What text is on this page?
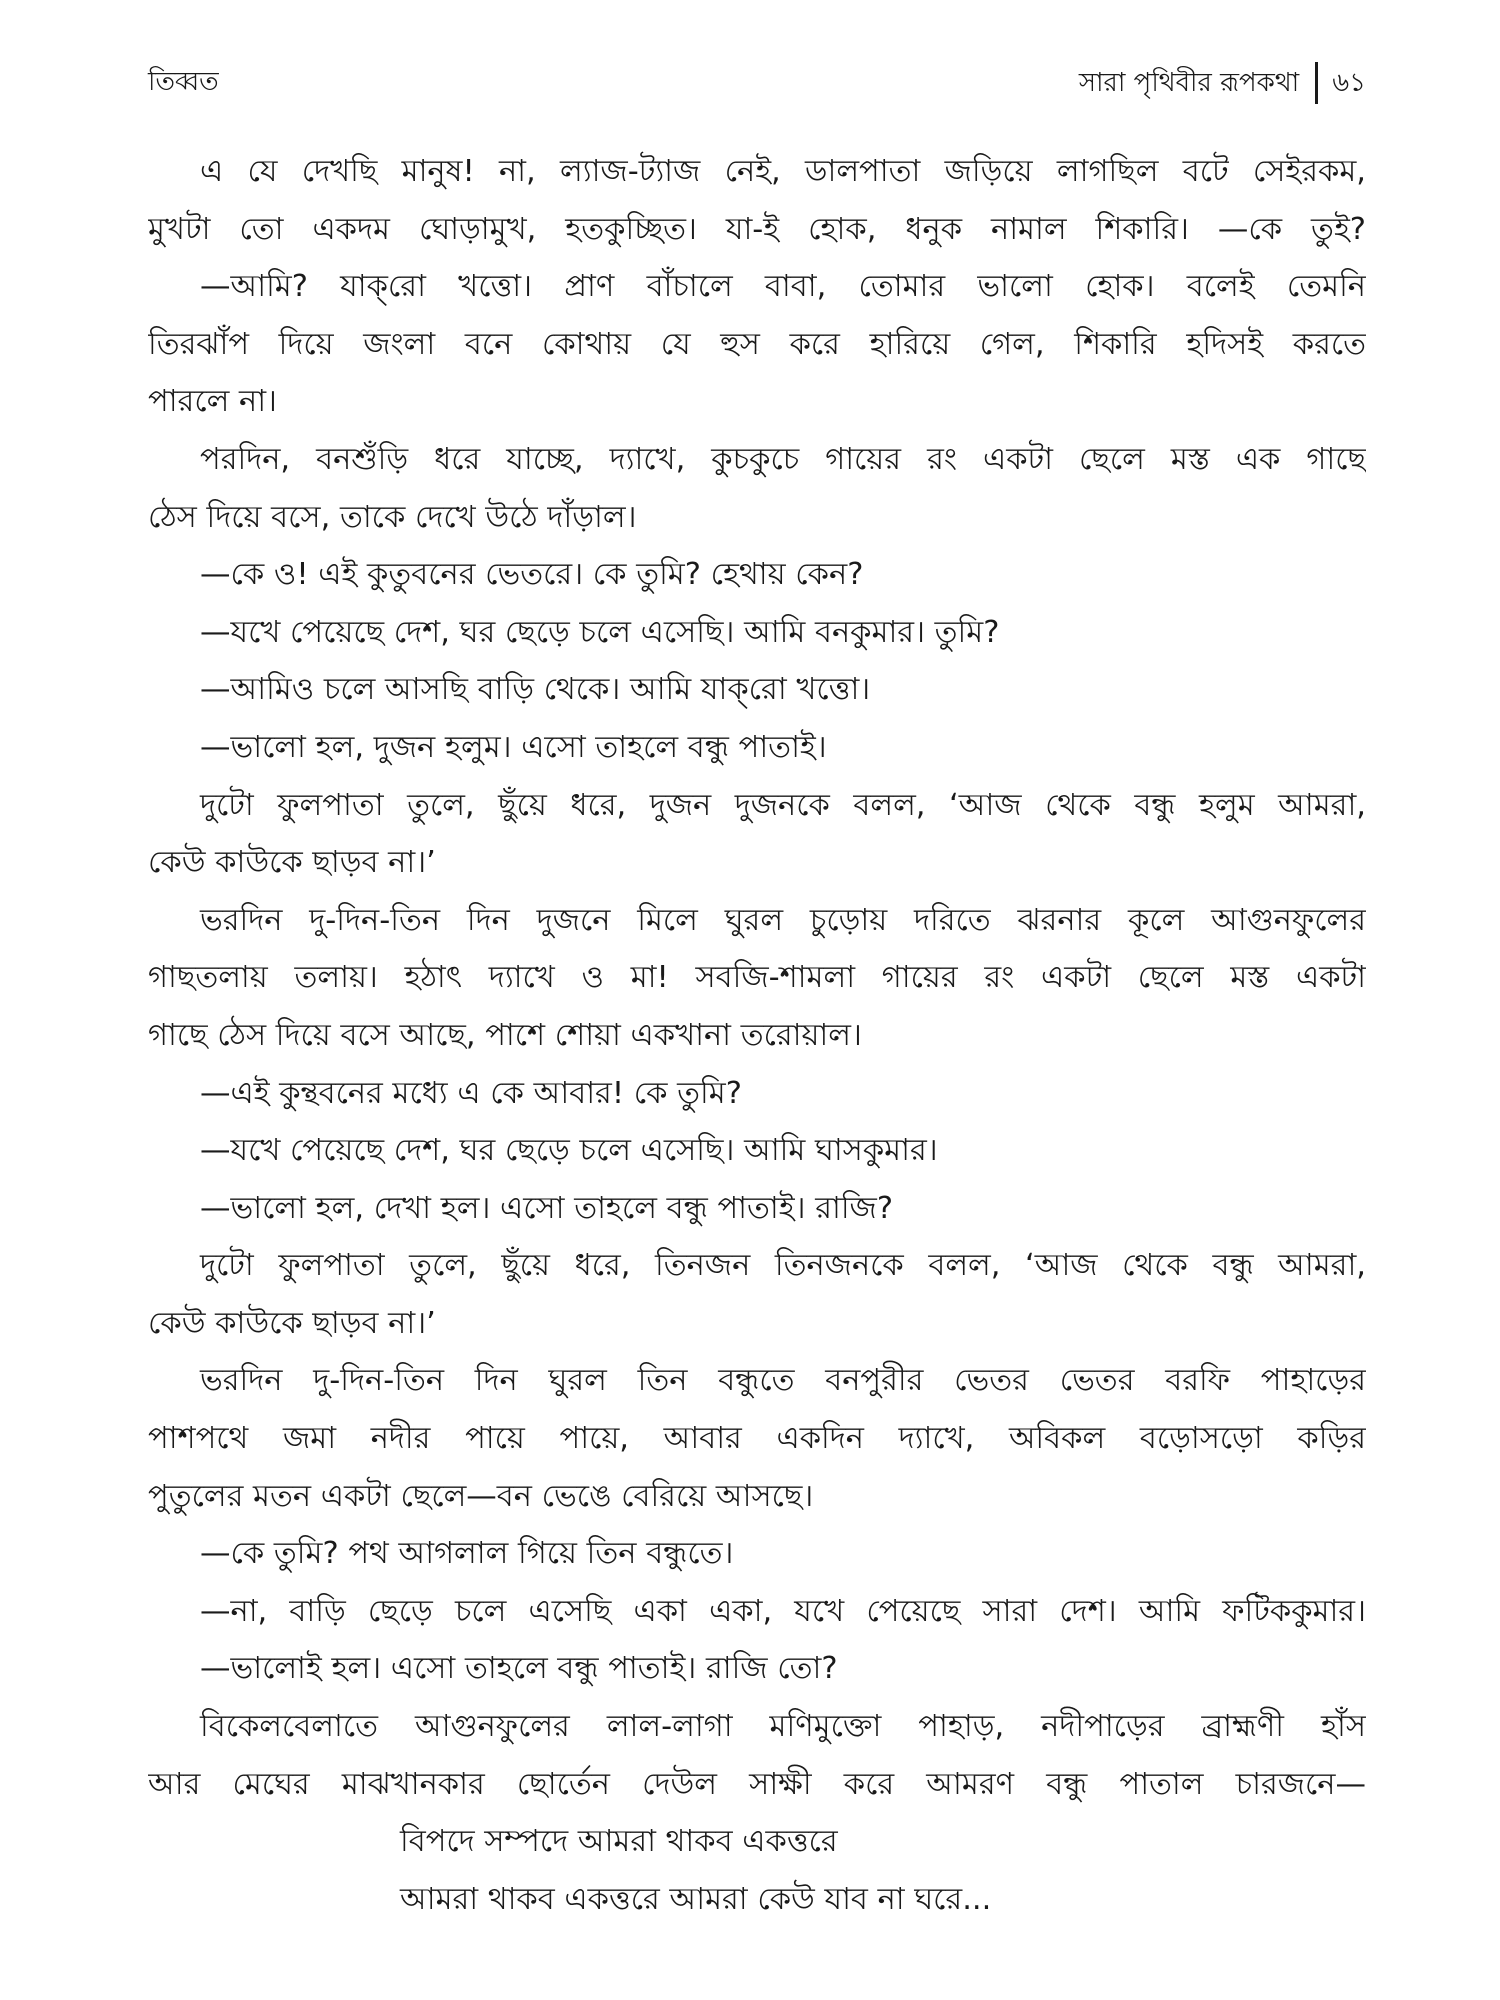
তিব্বত	সারা পৃথিবীর রূপকথা ৬১
এ যে দেখছি মানুষ! না, ল্যাজ-ট্যাজ নেই, ডালপাতা জড়িয়ে লাগছিল বটে সেইরকম,
মুখটা তো একদম ঘোড়ামুখ, হতকুচ্ছিত। যা-ই হোক, ধনুক নামাল শিকারি। —কে তুই?
—আমি? যাক্‌রো খত্তো। প্রাণ বাঁচালে বাবা, তোমার ভালো হোক। বলেই তেমনি
তিরঝাঁপ দিয়ে জংলা বনে কোথায় যে হুস করে হারিয়ে গেল, শিকারি হদিসই করতে
পারলে না।
পরদিন, বনশুঁড়ি ধরে যাচ্ছে, দ্যাখে, কুচকুচে গায়ের রং একটা ছেলে মস্ত এক গাছে
ঠেস দিয়ে বসে, তাকে দেখে উঠে দাঁড়াল।
—কে ও! এই কুতুবনের ভেতরে। কে তুমি? হেথায় কেন?
—যখে পেয়েছে দেশ, ঘর ছেড়ে চলে এসেছি। আমি বনকুমার। তুমি?
—আমিও চলে আসছি বাড়ি থেকে। আমি যাক্‌রো খত্তো।
—ভালো হল, দুজন হলুম। এসো তাহলে বন্ধু পাতাই।
দুটো ফুলপাতা তুলে, ছুঁয়ে ধরে, দুজন দুজনকে বলল, ‘আজ থেকে বন্ধু হলুম আমরা,
কেউ কাউকে ছাড়ব না।’
ভরদিন দু-দিন-তিন দিন দুজনে মিলে ঘুরল চুড়োয় দরিতে ঝরনার কূলে আগুনফুলের
গাছতলায় তলায়। হঠাৎ দ্যাখে ও মা! সবজি-শামলা গায়ের রং একটা ছেলে মস্ত একটা
গাছে ঠেস দিয়ে বসে আছে, পাশে শোয়া একখানা তরোয়াল।
—এই কুন্থবনের মধ্যে এ কে আবার! কে তুমি?
—যখে পেয়েছে দেশ, ঘর ছেড়ে চলে এসেছি। আমি ঘাসকুমার।
—ভালো হল, দেখা হল। এসো তাহলে বন্ধু পাতাই। রাজি?
দুটো ফুলপাতা তুলে, ছুঁয়ে ধরে, তিনজন তিনজনকে বলল, ‘আজ থেকে বন্ধু আমরা,
কেউ কাউকে ছাড়ব না।’
ভরদিন দু-দিন-তিন দিন ঘুরল তিন বন্ধুতে বনপুরীর ভেতর ভেতর বরফি পাহাড়ের
পাশপথে জমা নদীর পায়ে পায়ে, আবার একদিন দ্যাখে, অবিকল বড়োসড়ো কড়ির
পুতুলের মতন একটা ছেলে—বন ভেঙে বেরিয়ে আসছে।
—কে তুমি? পথ আগলাল গিয়ে তিন বন্ধুতে।
—না, বাড়ি ছেড়ে চলে এসেছি একা একা, যখে পেয়েছে সারা দেশ। আমি ফটিককুমার।
—ভালোই হল। এসো তাহলে বন্ধু পাতাই। রাজি তো?
বিকেলবেলাতে আগুনফুলের লাল-লাগা মণিমুক্তো পাহাড়, নদীপাড়ের ব্রাহ্মণী হাঁস
আর মেঘের মাঝখানকার ছোর্তেন দেউল সাক্ষী করে আমরণ বন্ধু পাতাল চারজনে—
বিপদে সম্পদে আমরা থাকব একত্তরে
আমরা থাকব একত্তরে আমরা কেউ যাব না ঘরে...
